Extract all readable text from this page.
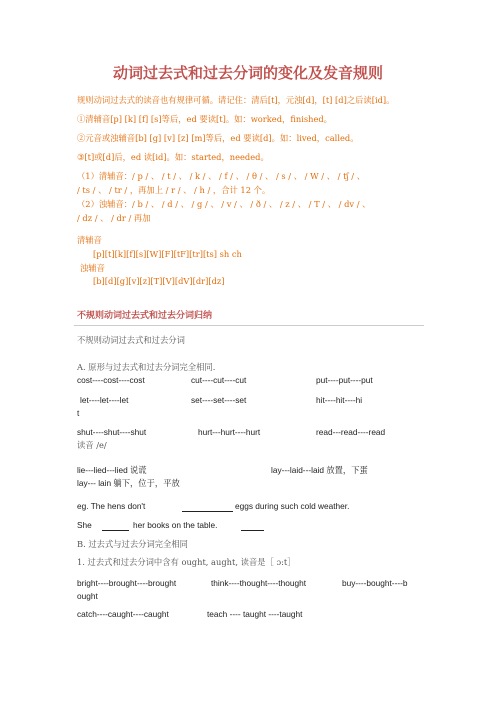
动词过去式和过去分词的变化及发音规则
规则动词过去式的读音也有规律可循。请记住：清后[t]，元浊[d]，[t] [d]之后读[id]。
①清辅音[p] [k] [f] [s]等后，ed 要读[t]。如：worked，finished。
②元音或浊辅音[b] [g] [v] [z] [m]等后，ed 要读[d]。如：lived，called。
③[t]或[d]后，ed 读[id]。如：started，needed。
（1）清辅音：/ p / 、 / t / 、 / k / 、 / f / 、 / θ / 、 / s / 、 / W / 、 / tʃ / 、
/ ts / 、 / tr / ，再加上 / r / 、 / h / ，合计 12 个。
（2）浊辅音：/ b / 、 / d / 、 / g / 、 / v / 、 / ð / 、 / z / 、 / T / 、 / dv / 、
/ dz / 、 / dr / 再加
清辅音
[p][t][k][f][s][W][F][tF][tr][ts] sh ch
浊辅音
[b][d][g][v][z][T][V][dV][dr][dz]
不规则动词过去式和过去分词归纳
不规则动词过去式和过去分词
A. 原形与过去式和过去分词完全相同.
cost----cost----cost	cut----cut----cut	put----put----put
let----let----let	set----set----set	hit----hit----hi
t
shut----shut----shut	hurt---hurt----hurt	read---read----read
读音 /e/
lie---lied---lied 说谎	lay---laid---laid 放置，下蛋
lay--- lain 躺下，位于，平放
eg. The hens don't	eggs during such cold weather.
She	her books on the table.
B. 过去式与过去分词完全相同
1. 过去式和过去分词中含有 ought, aught, 读音是［ ɔ:t］
bright----brought----brought	think----thought----thought	buy----bought----b
ought
catch----caught----caught	teach ---- taught ----taught
